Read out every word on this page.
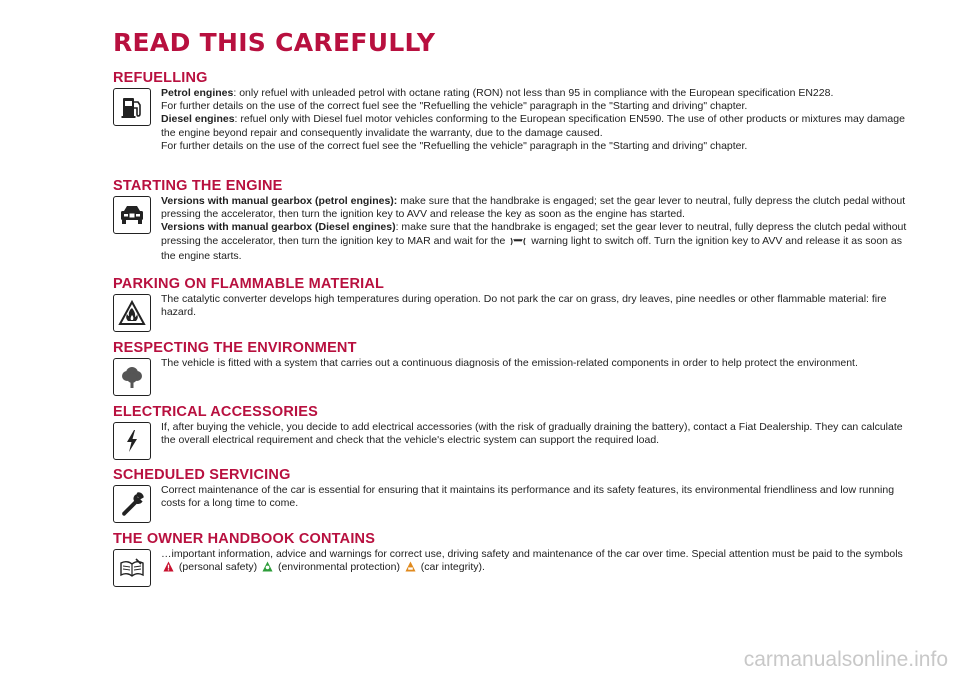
READ THIS CAREFULLY
REFUELLING

Petrol engines: only refuel with unleaded petrol with octane rating (RON) not less than 95 in compliance with the European specification EN228.

For further details on the use of the correct fuel see the "Refuelling the vehicle" paragraph in the "Starting and driving" chapter.

Diesel engines: refuel only with Diesel fuel motor vehicles conforming to the European specification EN590. The use of other products or mixtures may damage the engine beyond repair and consequently invalidate the warranty, due to the damage caused.

For further details on the use of the correct fuel see the "Refuelling the vehicle" paragraph in the "Starting and driving" chapter.

STARTING THE ENGINE

Versions with manual gearbox (petrol engines): make sure that the handbrake is engaged; set the gear lever to neutral, fully depress the clutch pedal without pressing the accelerator, then turn the ignition key to AVV and release the key as soon as the engine has started.

Versions with manual gearbox (Diesel engines): make sure that the handbrake is engaged; set the gear lever to neutral, fully depress the clutch pedal without pressing the accelerator, then turn the ignition key to MAR and wait for the warning light to switch off. Turn the ignition key to AVV and release it as soon as the engine starts.

PARKING ON FLAMMABLE MATERIAL

The catalytic converter develops high temperatures during operation. Do not park the car on grass, dry leaves, pine needles or other flammable material: fire hazard.

RESPECTING THE ENVIRONMENT

The vehicle is fitted with a system that carries out a continuous diagnosis of the emission-related components in order to help protect the environment.

ELECTRICAL ACCESSORIES

If, after buying the vehicle, you decide to add electrical accessories (with the risk of gradually draining the battery), contact a Fiat Dealership. They can calculate the overall electrical requirement and check that the vehicle's electric system can support the required load.

SCHEDULED SERVICING

Correct maintenance of the car is essential for ensuring that it maintains its performance and its safety features, its environmental friendliness and low running costs for a long time to come.

THE OWNER HANDBOOK CONTAINS

…important information, advice and warnings for correct use, driving safety and maintenance of the car over time. Special attention must be paid to the symbols  (personal safety) (environmental protection) (car integrity).

carmanualsonline.info
